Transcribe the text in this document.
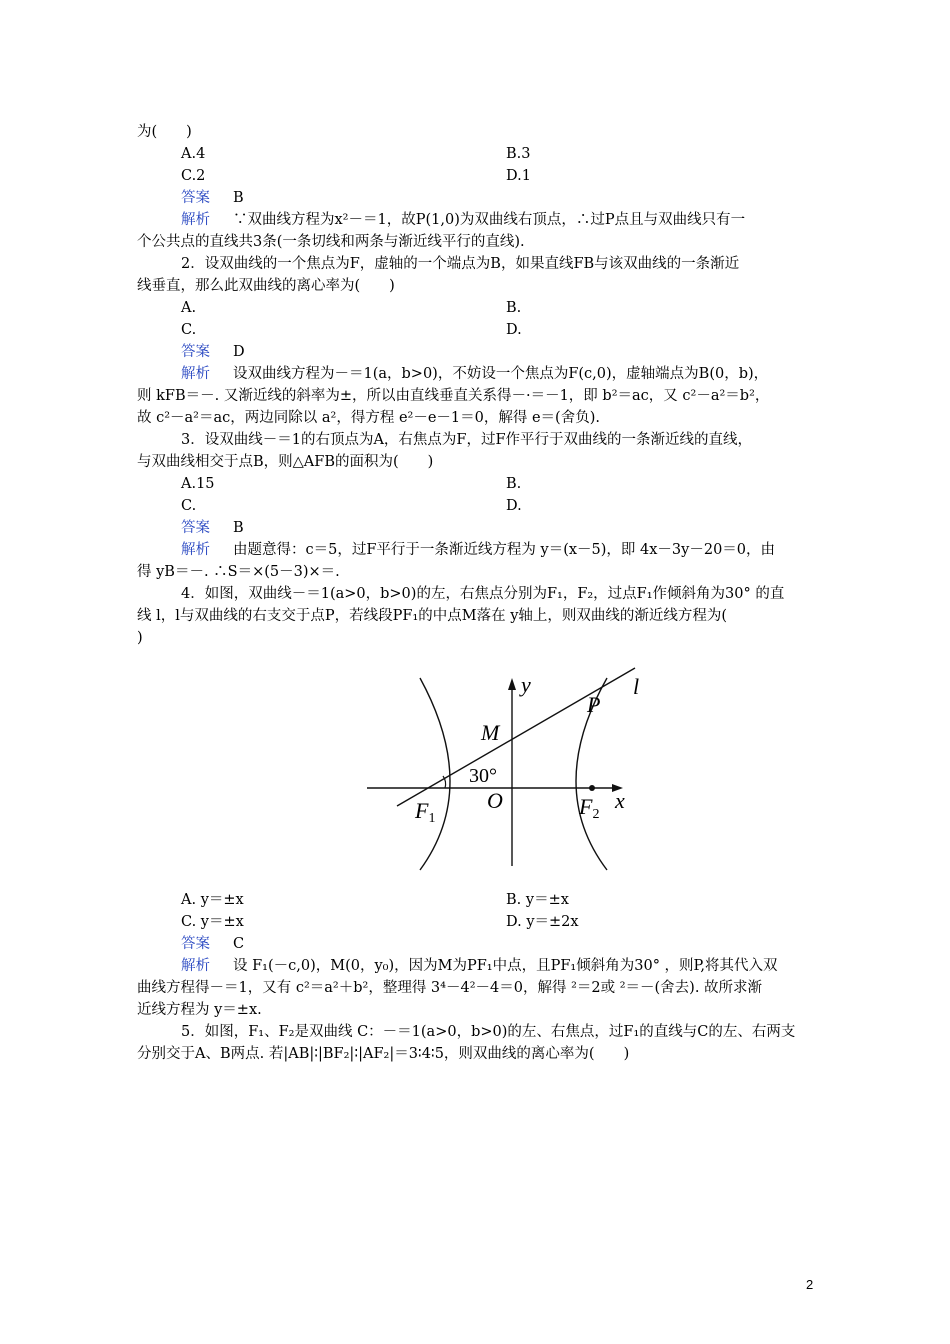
为(　　)
A.4	B.3
C.2	D.1
答案 B
解析 ∵双曲线方程为x²－＝1，故P(1,0)为双曲线右顶点，∴过P点且与双曲线只有一
个公共点的直线共3条(一条切线和两条与渐近线平行的直线).
2．设双曲线的一个焦点为F，虚轴的一个端点为B，如果直线FB与该双曲线的一条渐近
线垂直，那么此双曲线的离心率为(　　)
A.	B.
C.	D.
答案 D
解析 设双曲线方程为－＝1(a，b>0)，不妨设一个焦点为F(c,0)，虚轴端点为B(0，b)，
则 kFB＝－. 又渐近线的斜率为±，所以由直线垂直关系得－·＝－1，即 b²＝ac，又 c²－a²＝b²，
故 c²－a²＝ac，两边同除以 a²，得方程 e²－e－1＝0，解得 e＝(舍负).
3．设双曲线－＝1的右顶点为A，右焦点为F，过F作平行于双曲线的一条渐近线的直线，
与双曲线相交于点B，则△AFB的面积为(　　)
A.15	B.
C.	D.
答案 B
解析 由题意得：c＝5，过F平行于一条渐近线方程为 y＝(x－5)，即 4x－3y－20＝0，由
得 yB＝－. ∴S＝×(5－3)×＝.
4．如图，双曲线－＝1(a>0，b>0)的左，右焦点分别为F₁，F₂，过点F₁作倾斜角为30° 的直
线 l，l与双曲线的右支交于点P，若线段PF₁的中点M落在 y轴上，则双曲线的渐近线方程为(
)
y	l
P
M
30°
O
F1	F2
x
A. y＝±x	B. y＝±x
C. y＝±x	D. y＝±2x
答案 C
解析 设 F₁(－c,0)，M(0，y₀)，因为M为PF₁中点，且PF₁倾斜角为30° ，则P,将其代入双
曲线方程得－＝1，又有 c²＝a²＋b²，整理得 3⁴－4²－4＝0，解得 ²＝2或 ²＝－(舍去). 故所求渐
近线方程为 y＝±x.
5．如图，F₁、F₂是双曲线 C：－＝1(a>0，b>0)的左、右焦点，过F₁的直线与C的左、右两支
分别交于A、B两点. 若|AB|∶|BF₂|∶|AF₂|＝3∶4∶5，则双曲线的离心率为(　　)
2
